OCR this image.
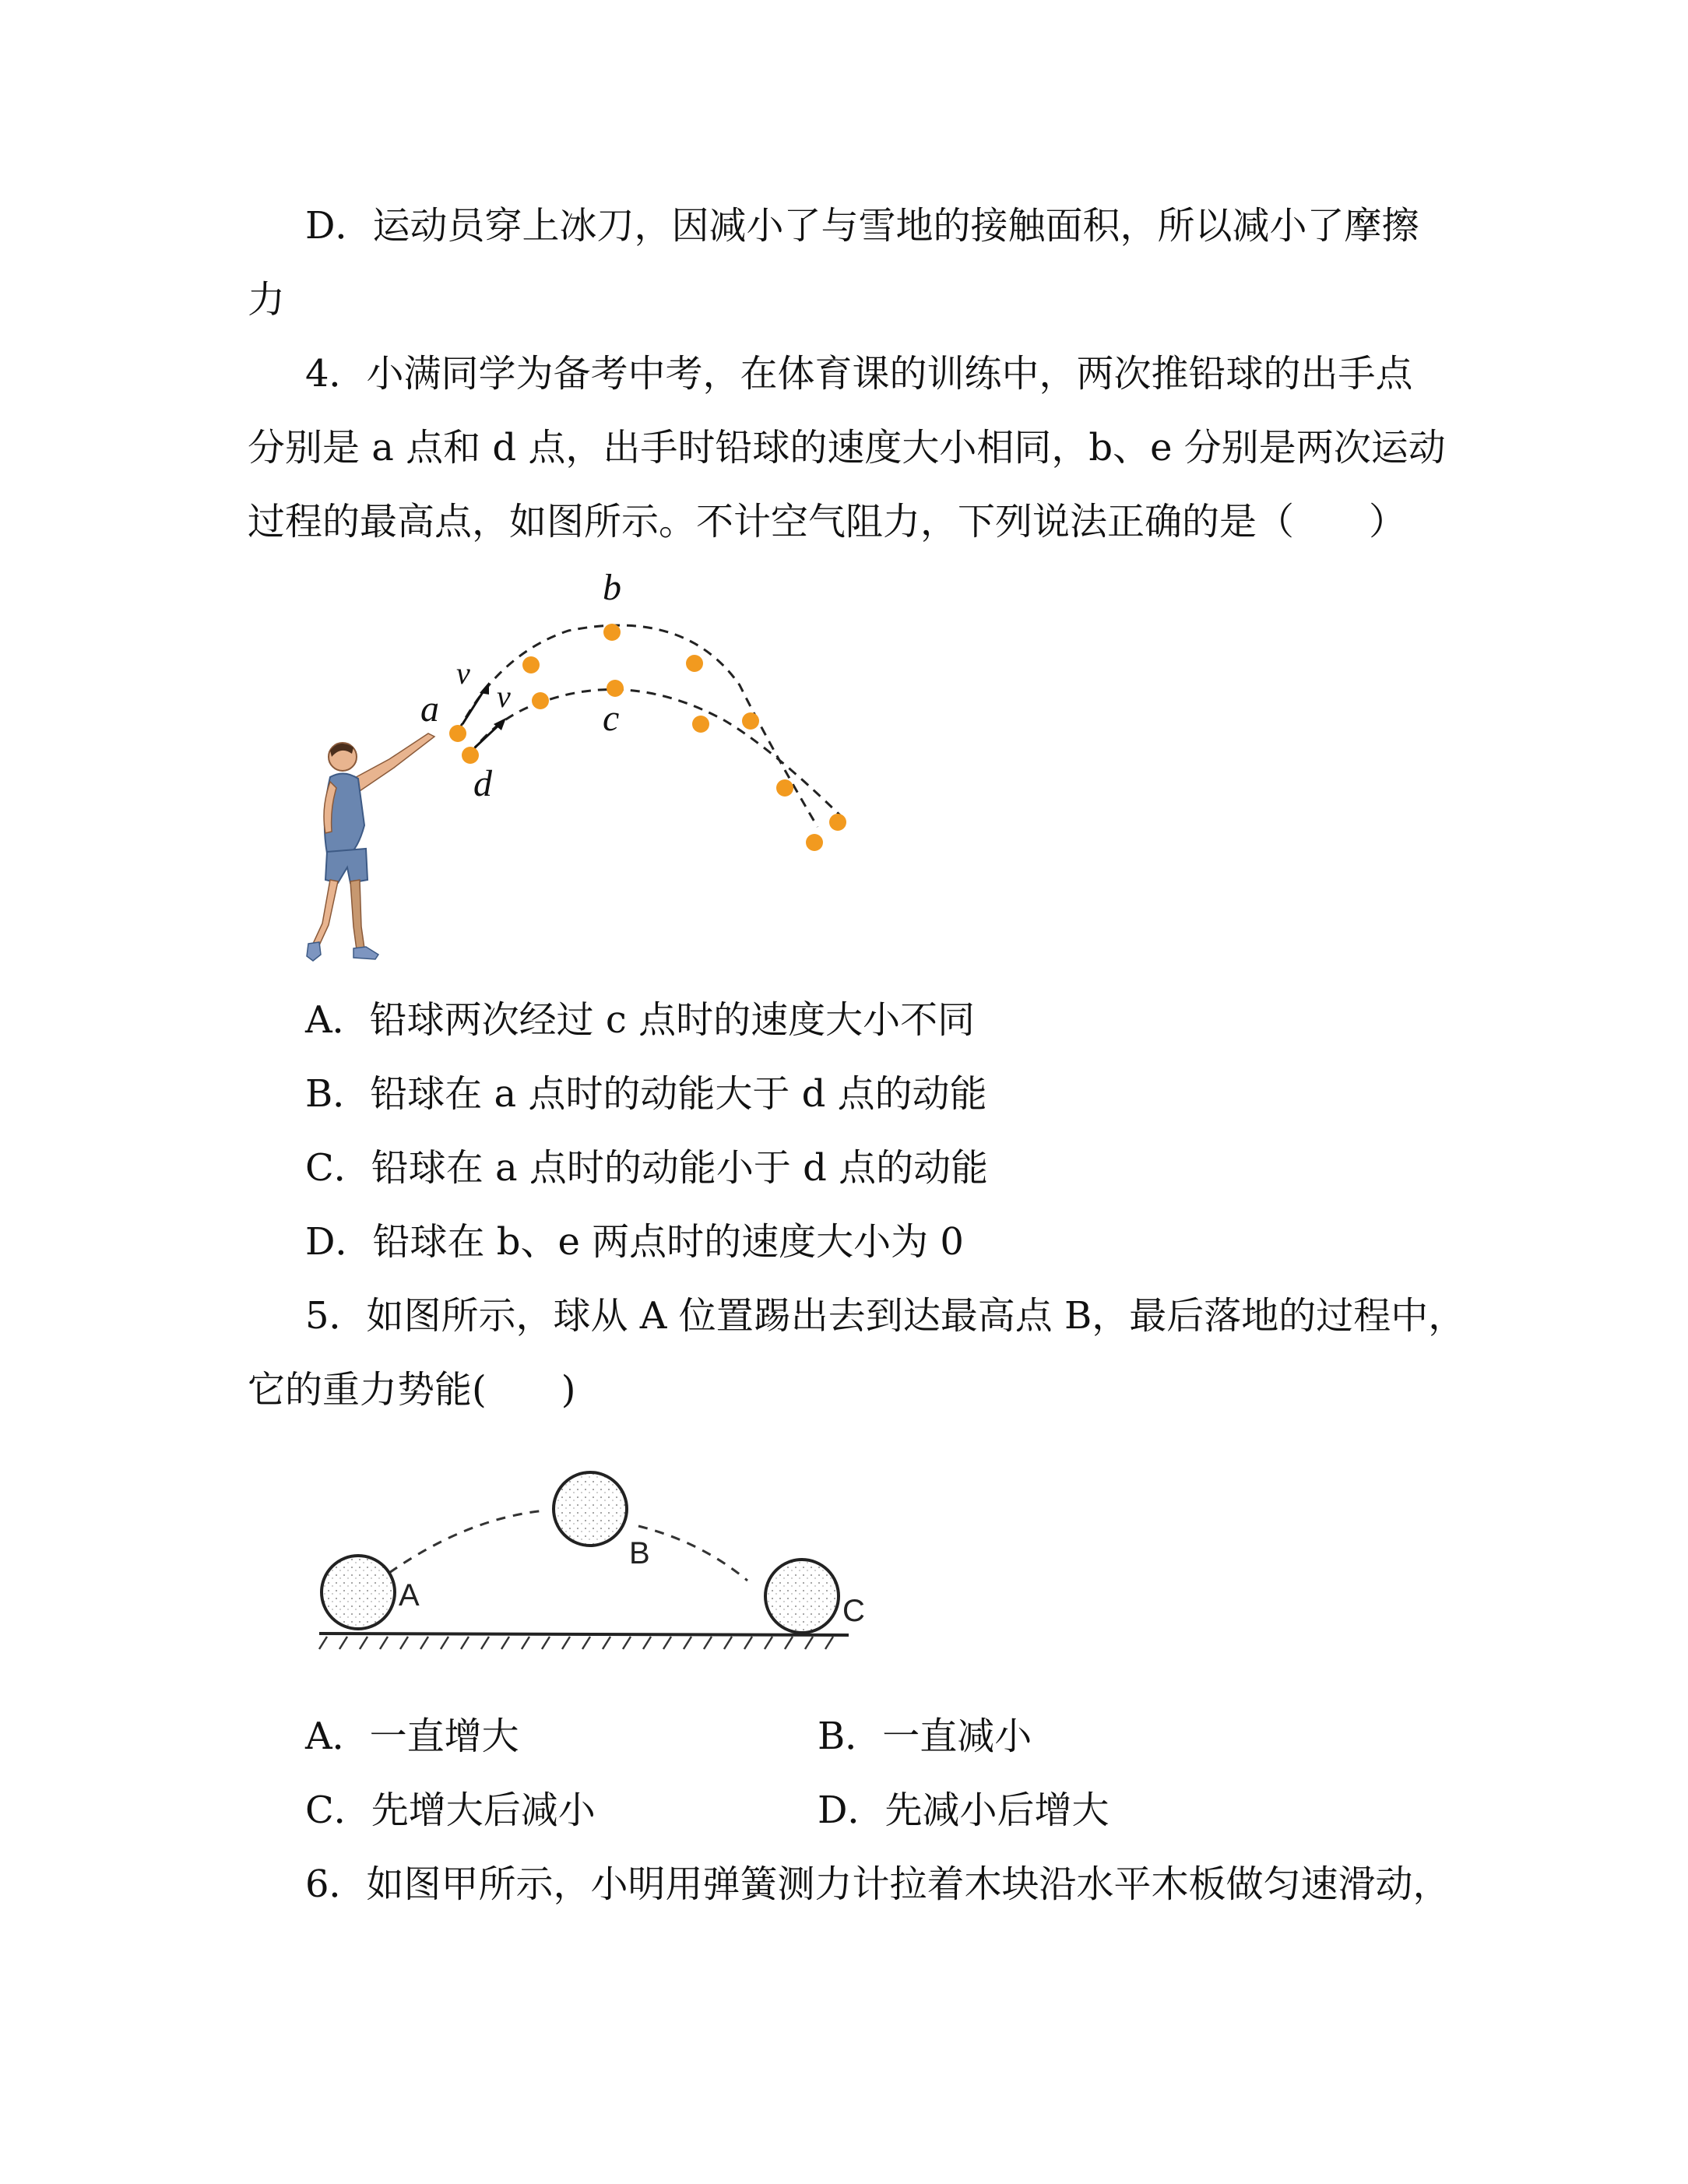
D．运动员穿上冰刀，因减小了与雪地的接触面积，所以减小了摩擦
力
4．小满同学为备考中考，在体育课的训练中，两次推铅球的出手点
分别是 a 点和 d 点，出手时铅球的速度大小相同，b、e 分别是两次运动
过程的最高点，如图所示。不计空气阻力，下列说法正确的是（　　）
b
c
a
d
v
v
A．铅球两次经过 c 点时的速度大小不同
B．铅球在 a 点时的动能大于 d 点的动能
C．铅球在 a 点时的动能小于 d 点的动能
D．铅球在 b、e 两点时的速度大小为 0
5．如图所示，球从 A 位置踢出去到达最高点 B，最后落地的过程中，
它的重力势能(　　)
A
B
C
A．一直增大	B．一直减小
C．先增大后减小	D．先减小后增大
6．如图甲所示，小明用弹簧测力计拉着木块沿水平木板做匀速滑动，
